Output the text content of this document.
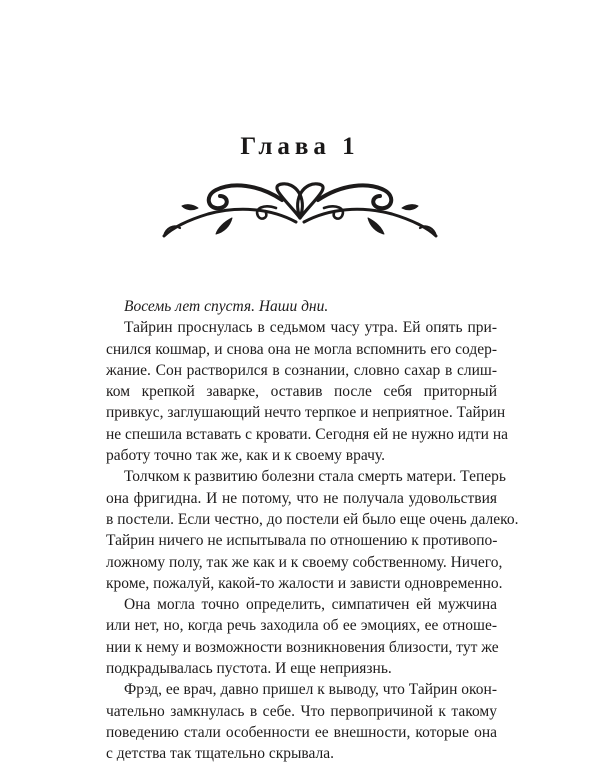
Глава 1

Восемь лет спустя. Наши дни.

Тайрин проснулась в седьмом часу утра. Ей опять при-
снился кошмар, и снова она не могла вспомнить его содер-
жание. Сон растворился в сознании, словно сахар в слиш-
ком крепкой заварке, оставив после себя приторный
привкус, заглушающий нечто терпкое и неприятное. Тайрин
не спешила вставать с кровати. Сегодня ей не нужно идти на
работу точно так же, как и к своему врачу.

Толчком к развитию болезни стала смерть матери. Теперь
она фригидна. И не потому, что не получала удовольствия
в постели. Если честно, до постели ей было еще очень далеко.
Тайрин ничего не испытывала по отношению к противопо-
ложному полу, так же как и к своему собственному. Ничего,
кроме, пожалуй, какой-то жалости и зависти одновременно.

Она могла точно определить, симпатичен ей мужчина
или нет, но, когда речь заходила об ее эмоциях, ее отноше-
нии к нему и возможности возникновения близости, тут же
подкрадывалась пустота. И еще неприязнь.

Фрэд, ее врач, давно пришел к выводу, что Тайрин окон-
чательно замкнулась в себе. Что первопричиной к такому
поведению стали особенности ее внешности, которые она
с детства так тщательно скрывала.
